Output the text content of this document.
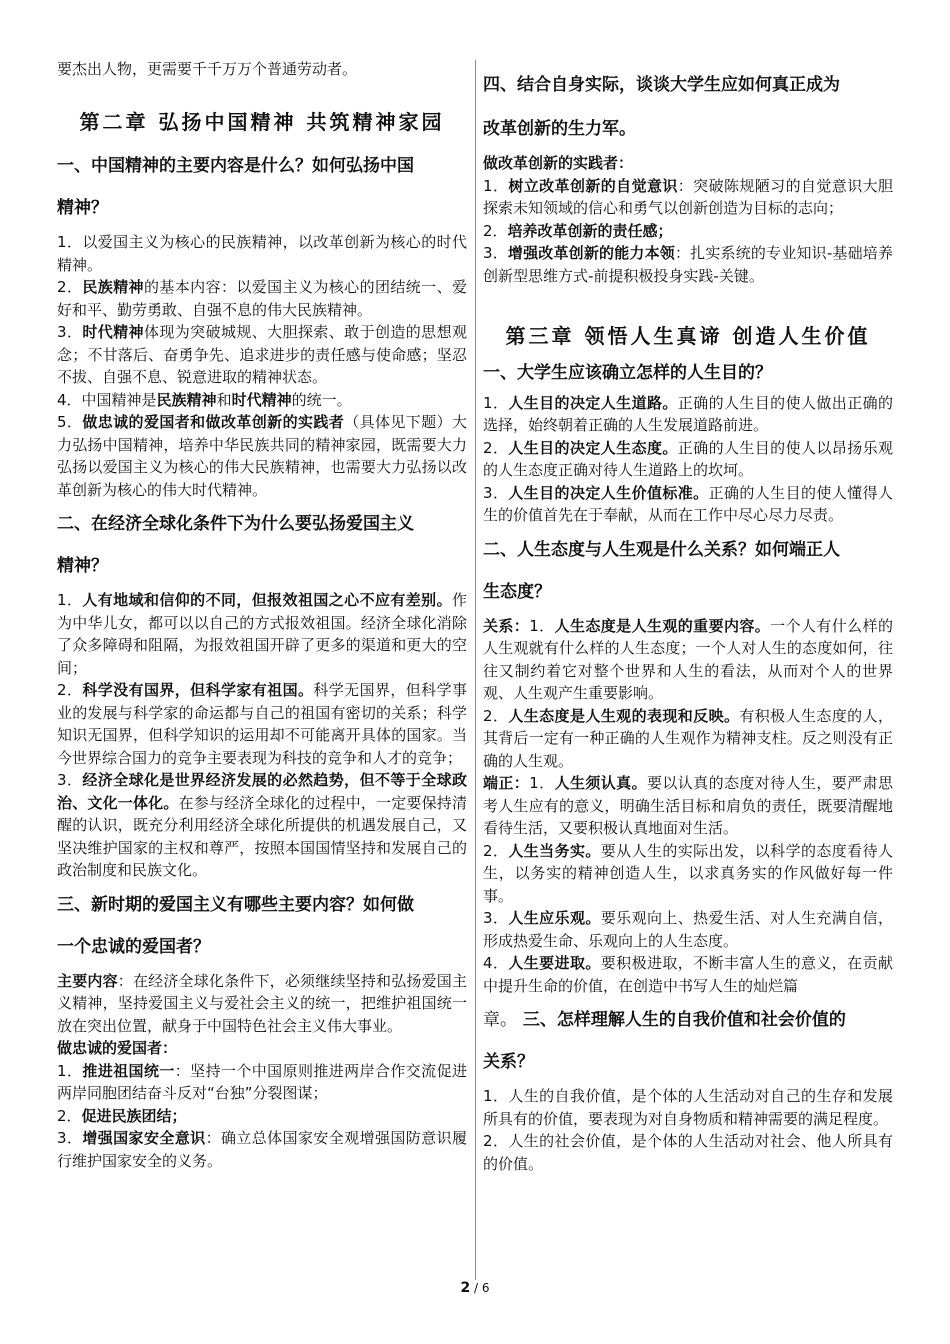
要杰出人物，更需要千千万万个普通劳动者。

第二章 弘扬中国精神 共筑精神家园

一、中国精神的主要内容是什么？如何弘扬中国

精神？

1．以爱国主义为核心的民族精神，以改革创新为核心的时代精神。

2．民族精神的基本内容：以爱国主义为核心的团结统一、爱好和平、勤劳勇敢、自强不息的伟大民族精神。

3．时代精神体现为突破城规、大胆探索、敢于创造的思想观念；不甘落后、奋勇争先、追求进步的责任感与使命感；坚忍不拔、自强不息、锐意进取的精神状态。

4．中国精神是民族精神和时代精神的统一。

5．做忠诚的爱国者和做改革创新的实践者（具体见下题）大力弘扬中国精神，培养中华民族共同的精神家园，既需要大力弘扬以爱国主义为核心的伟大民族精神，也需要大力弘扬以改革创新为核心的伟大时代精神。

二、在经济全球化条件下为什么要弘扬爱国主义

精神？

1．人有地域和信仰的不同，但报效祖国之心不应有差别。作为中华儿女，都可以以自己的方式报效祖国。经济全球化消除了众多障碍和阻隔，为报效祖国开辟了更多的渠道和更大的空间；

2．科学没有国界，但科学家有祖国。科学无国界，但科学事业的发展与科学家的命运都与自己的祖国有密切的关系；科学知识无国界，但科学知识的运用却不可能离开具体的国家。当今世界综合国力的竞争主要表现为科技的竞争和人才的竞争；

3．经济全球化是世界经济发展的必然趋势，但不等于全球政治、文化一体化。在参与经济全球化的过程中，一定要保持清醒的认识，既充分利用经济全球化所提供的机遇发展自己，又坚决维护国家的主权和尊严，按照本国国情坚持和发展自己的政治制度和民族文化。

三、新时期的爱国主义有哪些主要内容？如何做

一个忠诚的爱国者？

主要内容：在经济全球化条件下，必须继续坚持和弘扬爱国主义精神，坚持爱国主义与爱社会主义的统一，把维护祖国统一放在突出位置，献身于中国特色社会主义伟大事业。

做忠诚的爱国者：

1．推进祖国统一：坚持一个中国原则推进两岸合作交流促进两岸同胞团结奋斗反对“台独”分裂图谋；

2．促进民族团结；

3．增强国家安全意识：确立总体国家安全观增强国防意识履行维护国家安全的义务。

四、结合自身实际，谈谈大学生应如何真正成为

改革创新的生力军。

做改革创新的实践者：

1．树立改革创新的自觉意识：突破陈规陋习的自觉意识大胆探索未知领域的信心和勇气以创新创造为目标的志向；

2．培养改革创新的责任感；

3．增强改革创新的能力本领：扎实系统的专业知识-基础培养创新型思维方式-前提积极投身实践-关键。

第三章 领悟人生真谛 创造人生价值

一、大学生应该确立怎样的人生目的？

1．人生目的决定人生道路。正确的人生目的使人做出正确的选择，始终朝着正确的人生发展道路前进。

2．人生目的决定人生态度。正确的人生目的使人以昂扬乐观的人生态度正确对待人生道路上的坎坷。

3．人生目的决定人生价值标准。正确的人生目的使人懂得人生的价值首先在于奉献，从而在工作中尽心尽力尽责。

二、人生态度与人生观是什么关系？如何端正人

生态度？

关系：1．人生态度是人生观的重要内容。一个人有什么样的人生观就有什么样的人生态度；一个人对人生的态度如何，往往又制约着它对整个世界和人生的看法，从而对个人的世界观、人生观产生重要影响。

2．人生态度是人生观的表现和反映。有积极人生态度的人，其背后一定有一种正确的人生观作为精神支柱。反之则没有正确的人生观。

端正：1．人生须认真。要以认真的态度对待人生，要严肃思考人生应有的意义，明确生活目标和肩负的责任，既要清醒地看待生活，又要积极认真地面对生活。

2．人生当务实。要从人生的实际出发，以科学的态度看待人生，以务实的精神创造人生，以求真务实的作风做好每一件事。

3．人生应乐观。要乐观向上、热爱生活、对人生充满自信，形成热爱生命、乐观向上的人生态度。

4．人生要进取。要积极进取，不断丰富人生的意义，在贡献中提升生命的价值，在创造中书写人生的灿烂篇

章。 三、怎样理解人生的自我价值和社会价值的

关系？

1．人生的自我价值，是个体的人生活动对自己的生存和发展所具有的价值，要表现为对自身物质和精神需要的满足程度。

2．人生的社会价值，是个体的人生活动对社会、他人所具有的价值。

2 / 6
